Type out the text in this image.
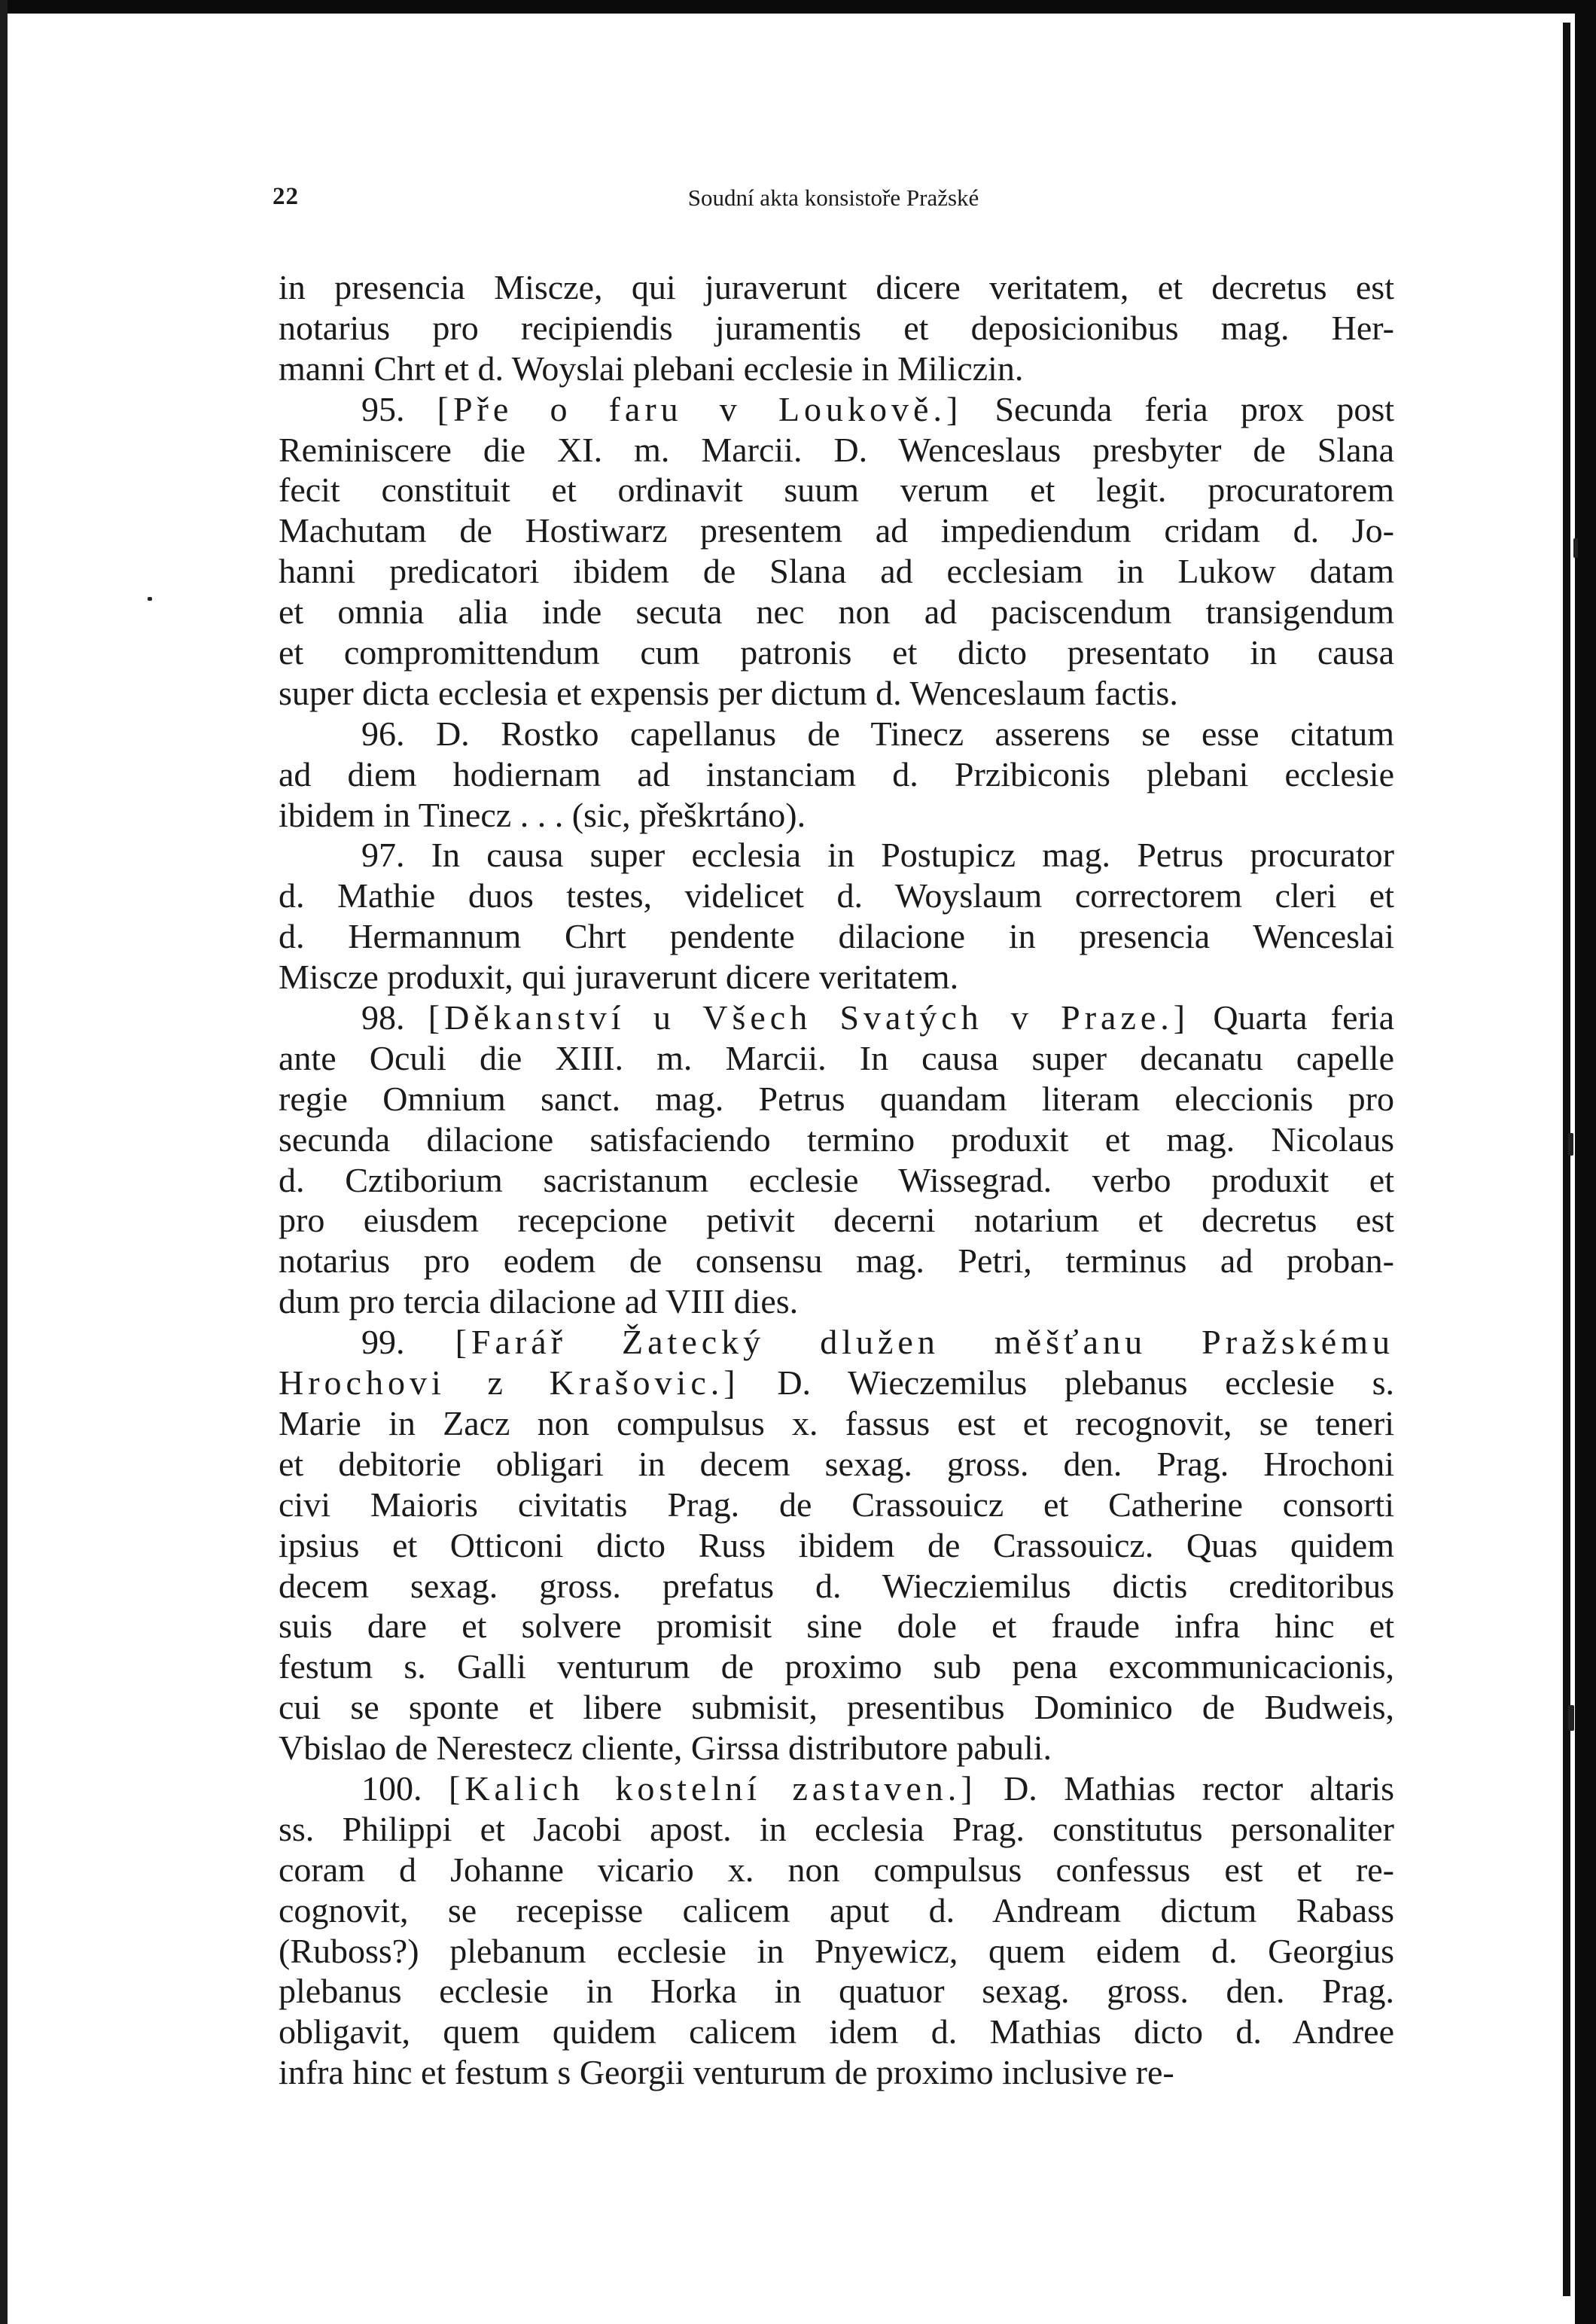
22	Soudní akta konsistoře Pražské
in presencia Miscze, qui juraverunt dicere veritatem, et decretus est
notarius pro recipiendis juramentis et deposicionibus mag. Her-
manni Chrt et d. Woyslai plebani ecclesie in Miliczin.
95. [Pře o faru v Loukově.] Secunda feria prox post
Reminiscere die XI. m. Marcii. D. Wenceslaus presbyter de Slana
fecit constituit et ordinavit suum verum et legit. procuratorem
Machutam de Hostiwarz presentem ad impediendum cridam d. Jo-
hanni predicatori ibidem de Slana ad ecclesiam in Lukow datam
et omnia alia inde secuta nec non ad paciscendum transigendum
et compromittendum cum patronis et dicto presentato in causa
super dicta ecclesia et expensis per dictum d. Wenceslaum factis.
96. D. Rostko capellanus de Tinecz asserens se esse citatum
ad diem hodiernam ad instanciam d. Przibiconis plebani ecclesie
ibidem in Tinecz . . . (sic, přeškrtáno).
97. In causa super ecclesia in Postupicz mag. Petrus procurator
d. Mathie duos testes, videlicet d. Woyslaum correctorem cleri et
d. Hermannum Chrt pendente dilacione in presencia Wenceslai
Miscze produxit, qui juraverunt dicere veritatem.
98. [Děkanství u Všech Svatých v Praze.] Quarta feria
ante Oculi die XIII. m. Marcii. In causa super decanatu capelle
regie Omnium sanct. mag. Petrus quandam literam eleccionis pro
secunda dilacione satisfaciendo termino produxit et mag. Nicolaus
d. Cztiborium sacristanum ecclesie Wissegrad. verbo produxit et
pro eiusdem recepcione petivit decerni notarium et decretus est
notarius pro eodem de consensu mag. Petri, terminus ad proban-
dum pro tercia dilacione ad VIII dies.
99. [Farář Žatecký dlužen měšťanu Pražskému
Hrochovi z Krašovic.] D. Wieczemilus plebanus ecclesie s.
Marie in Zacz non compulsus x. fassus est et recognovit, se teneri
et debitorie obligari in decem sexag. gross. den. Prag. Hrochoni
civi Maioris civitatis Prag. de Crassouicz et Catherine consorti
ipsius et Otticoni dicto Russ ibidem de Crassouicz. Quas quidem
decem sexag. gross. prefatus d. Wiecziemilus dictis creditoribus
suis dare et solvere promisit sine dole et fraude infra hinc et
festum s. Galli venturum de proximo sub pena excommunicacionis,
cui se sponte et libere submisit, presentibus Dominico de Budweis,
Vbislao de Nerestecz cliente, Girssa distributore pabuli.
100. [Kalich kostelní zastaven.] D. Mathias rector altaris
ss. Philippi et Jacobi apost. in ecclesia Prag. constitutus personaliter
coram d Johanne vicario x. non compulsus confessus est et re-
cognovit, se recepisse calicem aput d. Andream dictum Rabass
(Ruboss?) plebanum ecclesie in Pnyewicz, quem eidem d. Georgius
plebanus ecclesie in Horka in quatuor sexag. gross. den. Prag.
obligavit, quem quidem calicem idem d. Mathias dicto d. Andree
infra hinc et festum s Georgii venturum de proximo inclusive re-
